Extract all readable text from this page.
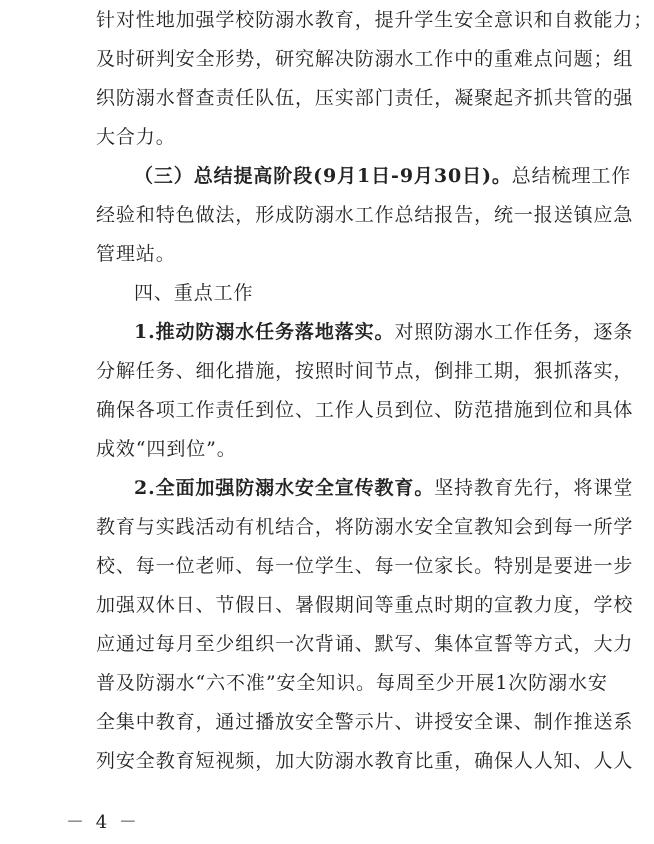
针对性地加强学校防溺水教育，提升学生安全意识和自救能力；
及时研判安全形势，研究解决防溺水工作中的重难点问题；组
织防溺水督查责任队伍，压实部门责任，凝聚起齐抓共管的强
大合力。
（三）总结提高阶段(9月1日-9月30日)。总结梳理工作
经验和特色做法，形成防溺水工作总结报告，统一报送镇应急
管理站。
四、重点工作
1.推动防溺水任务落地落实。对照防溺水工作任务，逐条
分解任务、细化措施，按照时间节点，倒排工期，狠抓落实，
确保各项工作责任到位、工作人员到位、防范措施到位和具体
成效“四到位”。
2.全面加强防溺水安全宣传教育。坚持教育先行，将课堂
教育与实践活动有机结合，将防溺水安全宣教知会到每一所学
校、每一位老师、每一位学生、每一位家长。特别是要进一步
加强双休日、节假日、暑假期间等重点时期的宣教力度，学校
应通过每月至少组织一次背诵、默写、集体宣誓等方式，大力
普及防溺水“六不准”安全知识。每周至少开展1次防溺水安
全集中教育，通过播放安全警示片、讲授安全课、制作推送系
列安全教育短视频，加大防溺水教育比重，确保人人知、人人
－ 4 －
